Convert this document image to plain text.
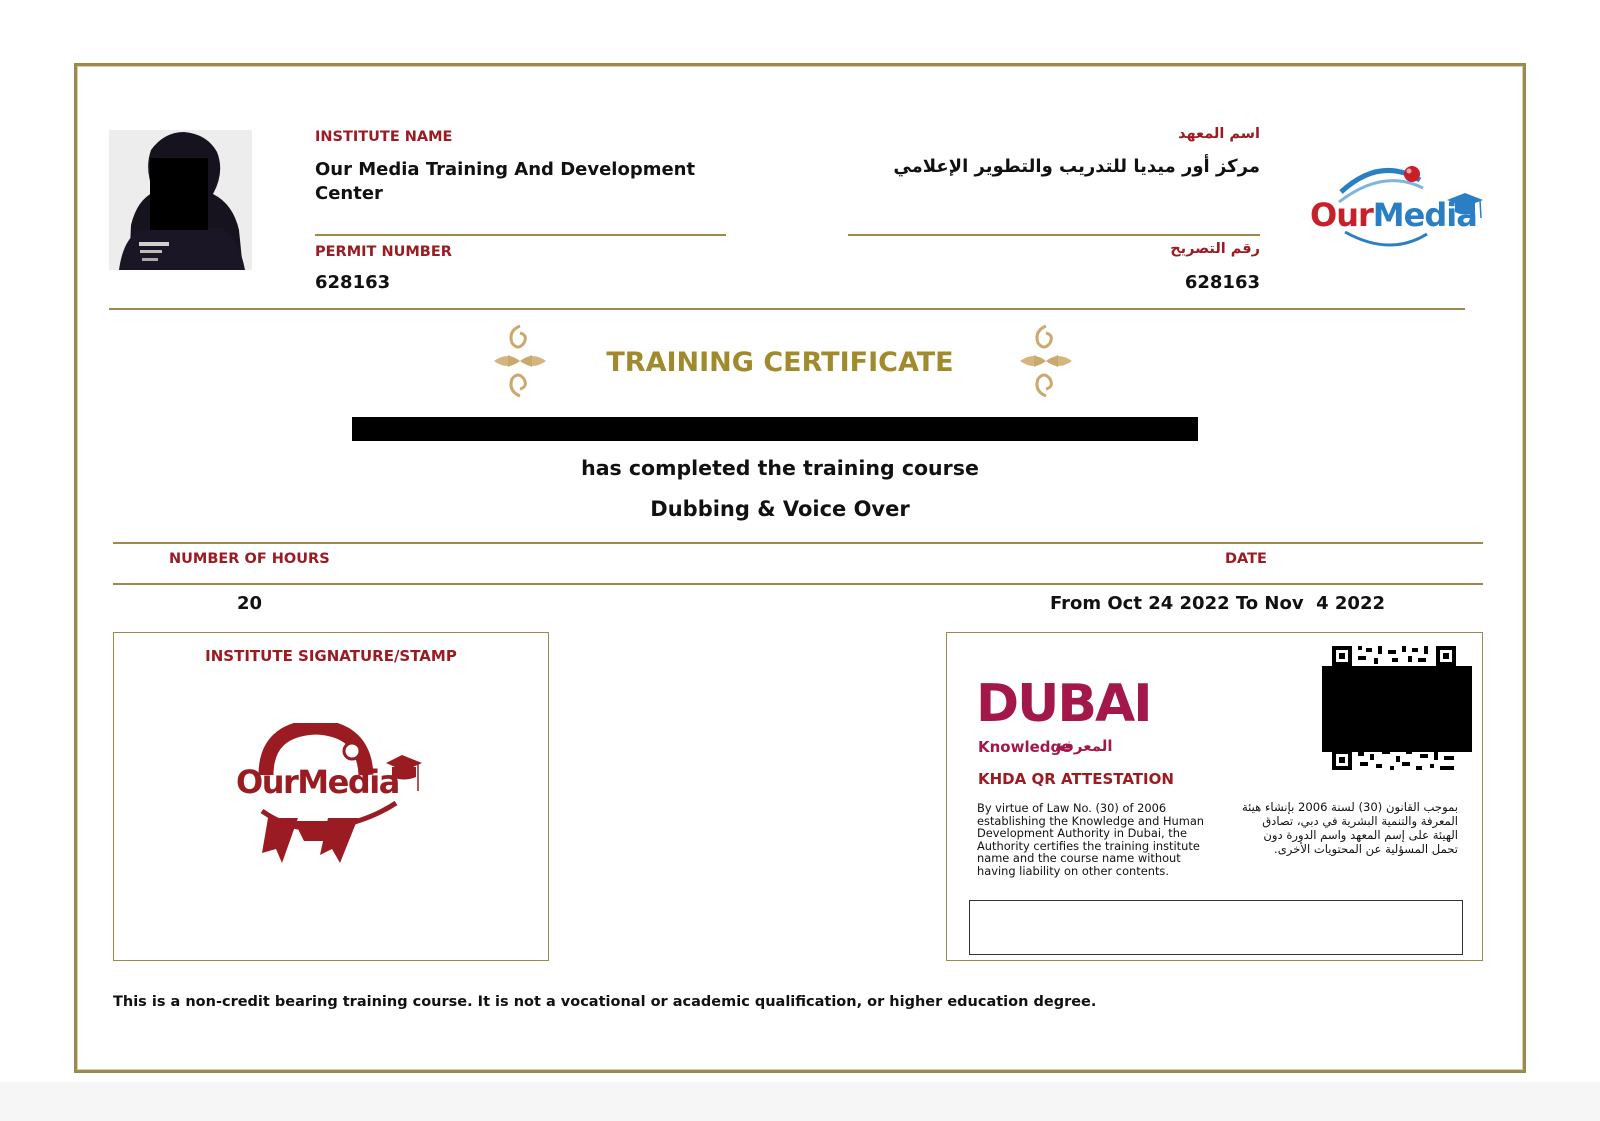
INSTITUTE NAME
Our Media Training And Development Center
PERMIT NUMBER
628163
اسم المعهد
مركز أور ميديا للتدريب والتطوير الإعلامي
رقم التصريح
628163
OurMedia
TRAINING CERTIFICATE
has completed the training course
Dubbing & Voice Over
NUMBER OF HOURS	DATE
20	From Oct 24 2022 To Nov  4 2022
INSTITUTE SIGNATURE/STAMP
OurMedia
DUBAI
Knowledge
المعرفة
KHDA QR ATTESTATION
By virtue of Law No. (30) of 2006 establishing the Knowledge and Human Development Authority in Dubai, the Authority certifies the training institute name and the course name without having liability on other contents.
بموجب القانون (30) لسنة 2006 بإنشاء هيئة المعرفة والتنمية البشرية في دبي، تصادق الهيئة على إسم المعهد واسم الدورة دون تحمل المسؤلية عن المحتويات الأخرى.
This is a non-credit bearing training course. It is not a vocational or academic qualification, or higher education degree.
